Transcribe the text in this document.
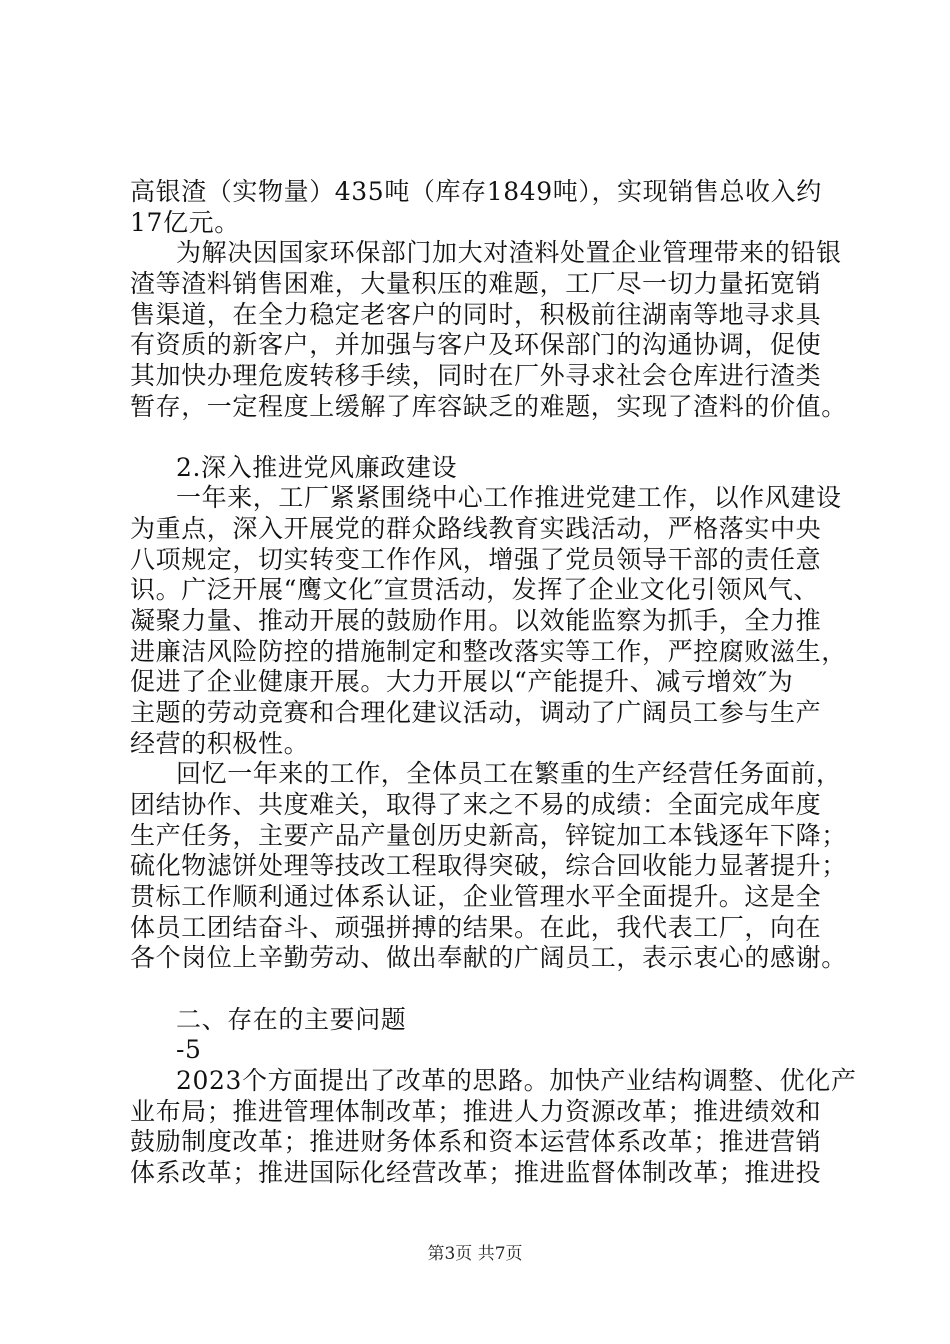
高银渣（实物量）435吨（库存1849吨），实现销售总收入约
17亿元。
为解决因国家环保部门加大对渣料处置企业管理带来的铅银
渣等渣料销售困难，大量积压的难题，工厂尽一切力量拓宽销
售渠道，在全力稳定老客户的同时，积极前往湖南等地寻求具
有资质的新客户，并加强与客户及环保部门的沟通协调，促使
其加快办理危废转移手续，同时在厂外寻求社会仓库进行渣类
暂存，一定程度上缓解了库容缺乏的难题，实现了渣料的价值。
2.深入推进党风廉政建设
一年来，工厂紧紧围绕中心工作推进党建工作，以作风建设
为重点，深入开展党的群众路线教育实践活动，严格落实中央
八项规定，切实转变工作作风，增强了党员领导干部的责任意
识。广泛开展“鹰文化″宣贯活动，发挥了企业文化引领风气、
凝聚力量、推动开展的鼓励作用。以效能监察为抓手，全力推
进廉洁风险防控的措施制定和整改落实等工作，严控腐败滋生，
促进了企业健康开展。大力开展以“产能提升、减亏增效″为
主题的劳动竞赛和合理化建议活动，调动了广阔员工参与生产
经营的积极性。
回忆一年来的工作，全体员工在繁重的生产经营任务面前，
团结协作、共度难关，取得了来之不易的成绩：全面完成年度
生产任务，主要产品产量创历史新高，锌锭加工本钱逐年下降；
硫化物滤饼处理等技改工程取得突破，综合回收能力显著提升；
贯标工作顺利通过体系认证，企业管理水平全面提升。这是全
体员工团结奋斗、顽强拼搏的结果。在此，我代表工厂，向在
各个岗位上辛勤劳动、做出奉献的广阔员工，表示衷心的感谢。
二、存在的主要问题
-5
2023个方面提出了改革的思路。加快产业结构调整、优化产
业布局；推进管理体制改革；推进人力资源改革；推进绩效和
鼓励制度改革；推进财务体系和资本运营体系改革；推进营销
体系改革；推进国际化经营改革；推进监督体制改革；推进投
第3页 共7页
